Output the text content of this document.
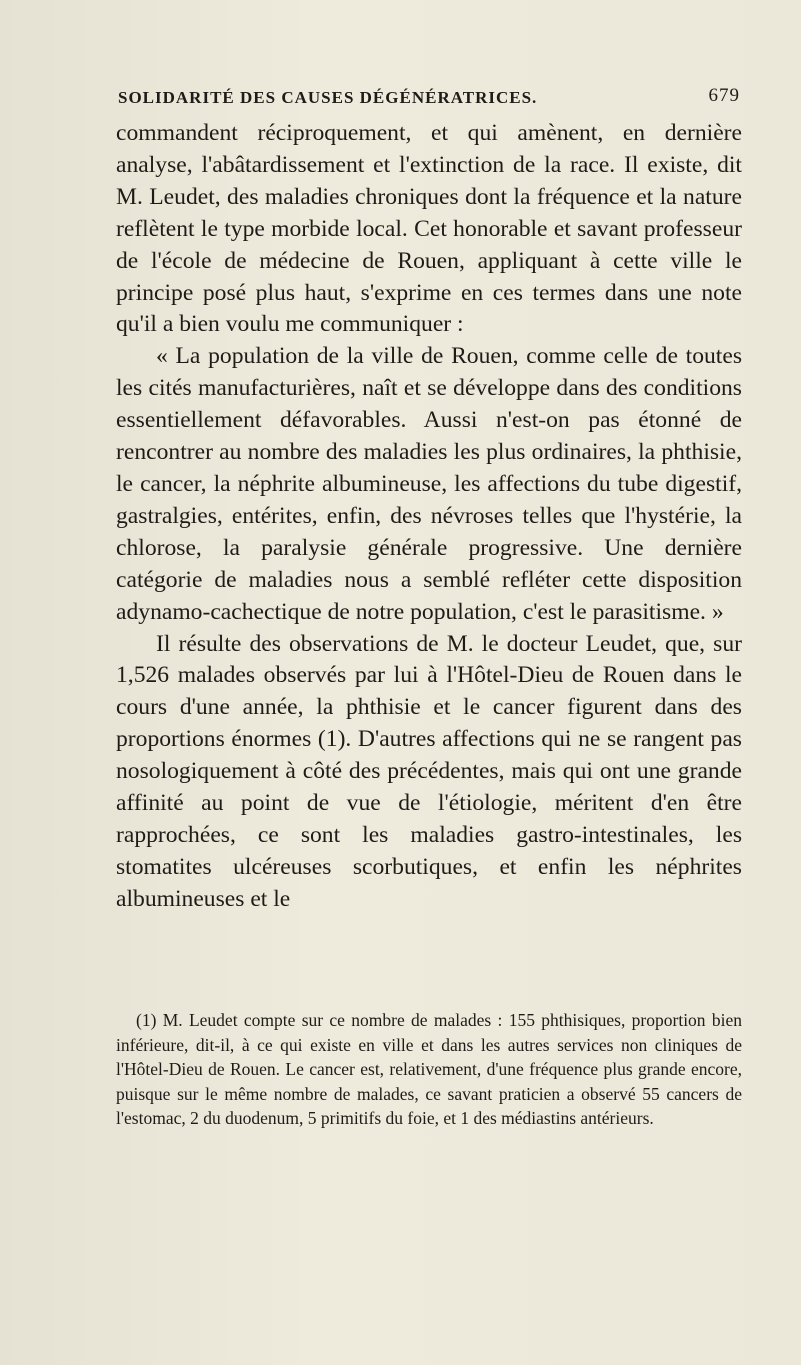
SOLIDARITÉ DES CAUSES DÉGÉNÉRATRICES.	679

commandent réciproquement, et qui amènent, en dernière analyse, l'abâtardissement et l'extinction de la race. Il existe, dit M. Leudet, des maladies chroniques dont la fréquence et la nature reflètent le type morbide local. Cet honorable et savant professeur de l'école de médecine de Rouen, appliquant à cette ville le principe posé plus haut, s'exprime en ces termes dans une note qu'il a bien voulu me communiquer :

« La population de la ville de Rouen, comme celle de toutes les cités manufacturières, naît et se développe dans des conditions essentiellement défavorables. Aussi n'est-on pas étonné de rencontrer au nombre des maladies les plus ordinaires, la phthisie, le cancer, la néphrite albumineuse, les affections du tube digestif, gastralgies, entérites, enfin, des névroses telles que l'hystérie, la chlorose, la paralysie générale progressive. Une dernière catégorie de maladies nous a semblé refléter cette disposition adynamo-cachectique de notre population, c'est le parasitisme. »

Il résulte des observations de M. le docteur Leudet, que, sur 1,526 malades observés par lui à l'Hôtel-Dieu de Rouen dans le cours d'une année, la phthisie et le cancer figurent dans des proportions énormes (1). D'autres affections qui ne se rangent pas nosologiquement à côté des précédentes, mais qui ont une grande affinité au point de vue de l'étiologie, méritent d'en être rapprochées, ce sont les maladies gastro-intestinales, les stomatites ulcéreuses scorbutiques, et enfin les néphrites albumineuses et le

(1) M. Leudet compte sur ce nombre de malades : 155 phthisiques, proportion bien inférieure, dit-il, à ce qui existe en ville et dans les autres services non cliniques de l'Hôtel-Dieu de Rouen. Le cancer est, relativement, d'une fréquence plus grande encore, puisque sur le même nombre de malades, ce savant praticien a observé 55 cancers de l'estomac, 2 du duodenum, 5 primitifs du foie, et 1 des médiastins antérieurs.
